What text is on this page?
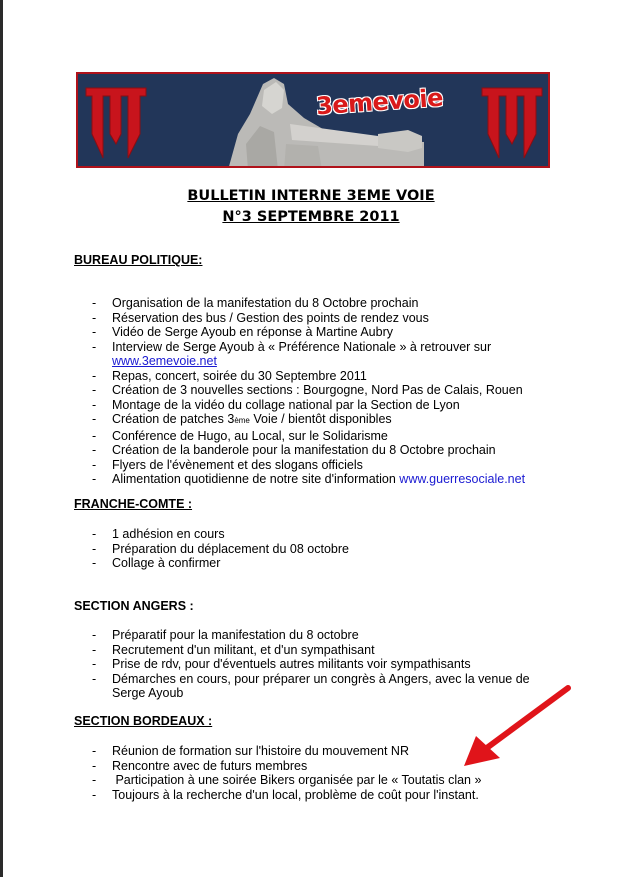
3emevoie
BULLETIN INTERNE 3EME VOIE
N°3 SEPTEMBRE 2011

BUREAU POLITIQUE:

- Organisation de la manifestation du 8 Octobre prochain
- Réservation des bus / Gestion des points de rendez vous
- Vidéo de Serge Ayoub en réponse à Martine Aubry
- Interview de Serge Ayoub à « Préférence Nationale » à retrouver sur
www.3emevoie.net
- Repas, concert, soirée du 30 Septembre 2011
- Création de 3 nouvelles sections : Bourgogne, Nord Pas de Calais, Rouen
- Montage de la vidéo du collage national par la Section de Lyon
- Création de patches 3ème Voie / bientôt disponibles
- Conférence de Hugo, au Local, sur le Solidarisme
- Création de la banderole pour la manifestation du 8 Octobre prochain
- Flyers de l'évènement et des slogans officiels
- Alimentation quotidienne de notre site d'information www.guerresociale.net

FRANCHE-COMTE :

- 1 adhésion en cours
- Préparation du déplacement du 08 octobre
- Collage à confirmer

SECTION ANGERS :

- Préparatif pour la manifestation du 8 octobre
- Recrutement d'un militant, et d'un sympathisant
- Prise de rdv, pour d'éventuels autres militants voir sympathisants
- Démarches en cours, pour préparer un congrès à Angers, avec la venue de
Serge Ayoub

SECTION BORDEAUX :

- Réunion de formation sur l'histoire du mouvement NR
- Rencontre avec de futurs membres
- Participation à une soirée Bikers organisée par le « Toutatis clan »
- Toujours à la recherche d'un local, problème de coût pour l'instant.
